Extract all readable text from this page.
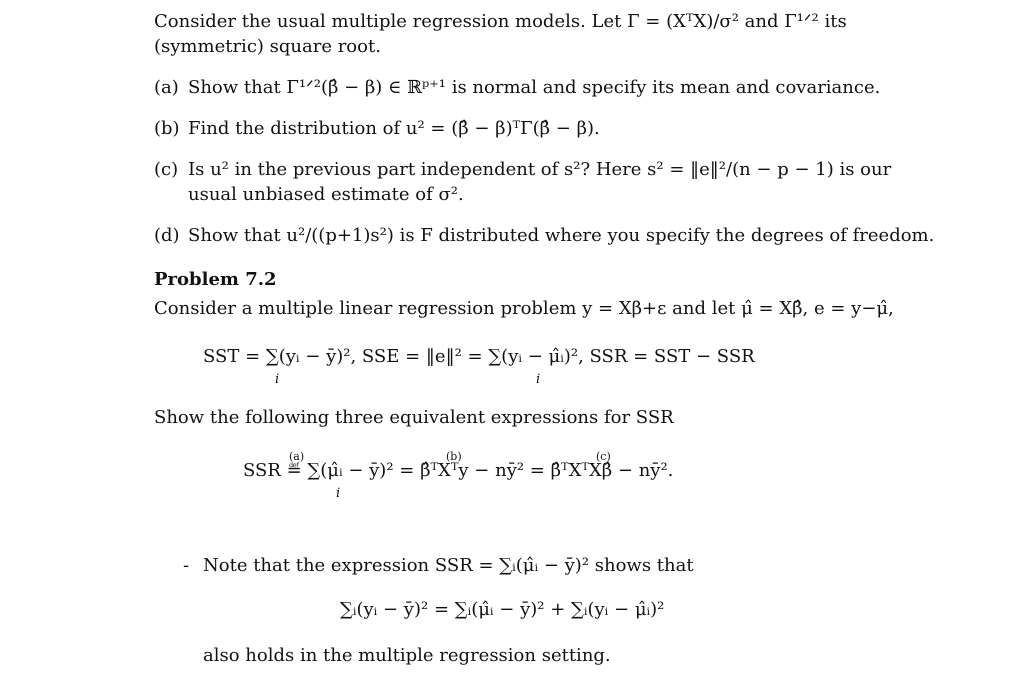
Consider the usual multiple regression models. Let Γ = (XᵀX)/σ² and Γ¹ᐟ² its
(symmetric) square root.
(a) Show that Γ¹ᐟ²(β̂ − β) ∈ ℝᵖ⁺¹ is normal and specify its mean and covariance.
(b) Find the distribution of u² = (β̂ − β)ᵀΓ(β̂ − β).
(c) Is u² in the previous part independent of s²? Here s² = ‖e‖²/(n − p − 1) is our
usual unbiased estimate of σ².
(d) Show that u²/((p+1)s²) is F distributed where you specify the degrees of freedom.
Problem 7.2
Consider a multiple linear regression problem y = Xβ+ε and let μ̂ = Xβ̂, e = y−μ̂,
SST = ∑(yᵢ − ȳ)², SSE = ‖e‖² = ∑(yᵢ − μ̂ᵢ)², SSR = SST − SSR
i	i
Show the following three equivalent expressions for SSR
(a)	(b)	(c)
SSR ≝ ∑(μ̂ᵢ − ȳ)² = β̂ᵀXᵀy − nȳ² = β̂ᵀXᵀXβ̂ − nȳ².
i
- Note that the expression SSR = ∑ᵢ(μ̂ᵢ − ȳ)² shows that
∑ᵢ(yᵢ − ȳ)² = ∑ᵢ(μ̂ᵢ − ȳ)² + ∑ᵢ(yᵢ − μ̂ᵢ)²
also holds in the multiple regression setting.
